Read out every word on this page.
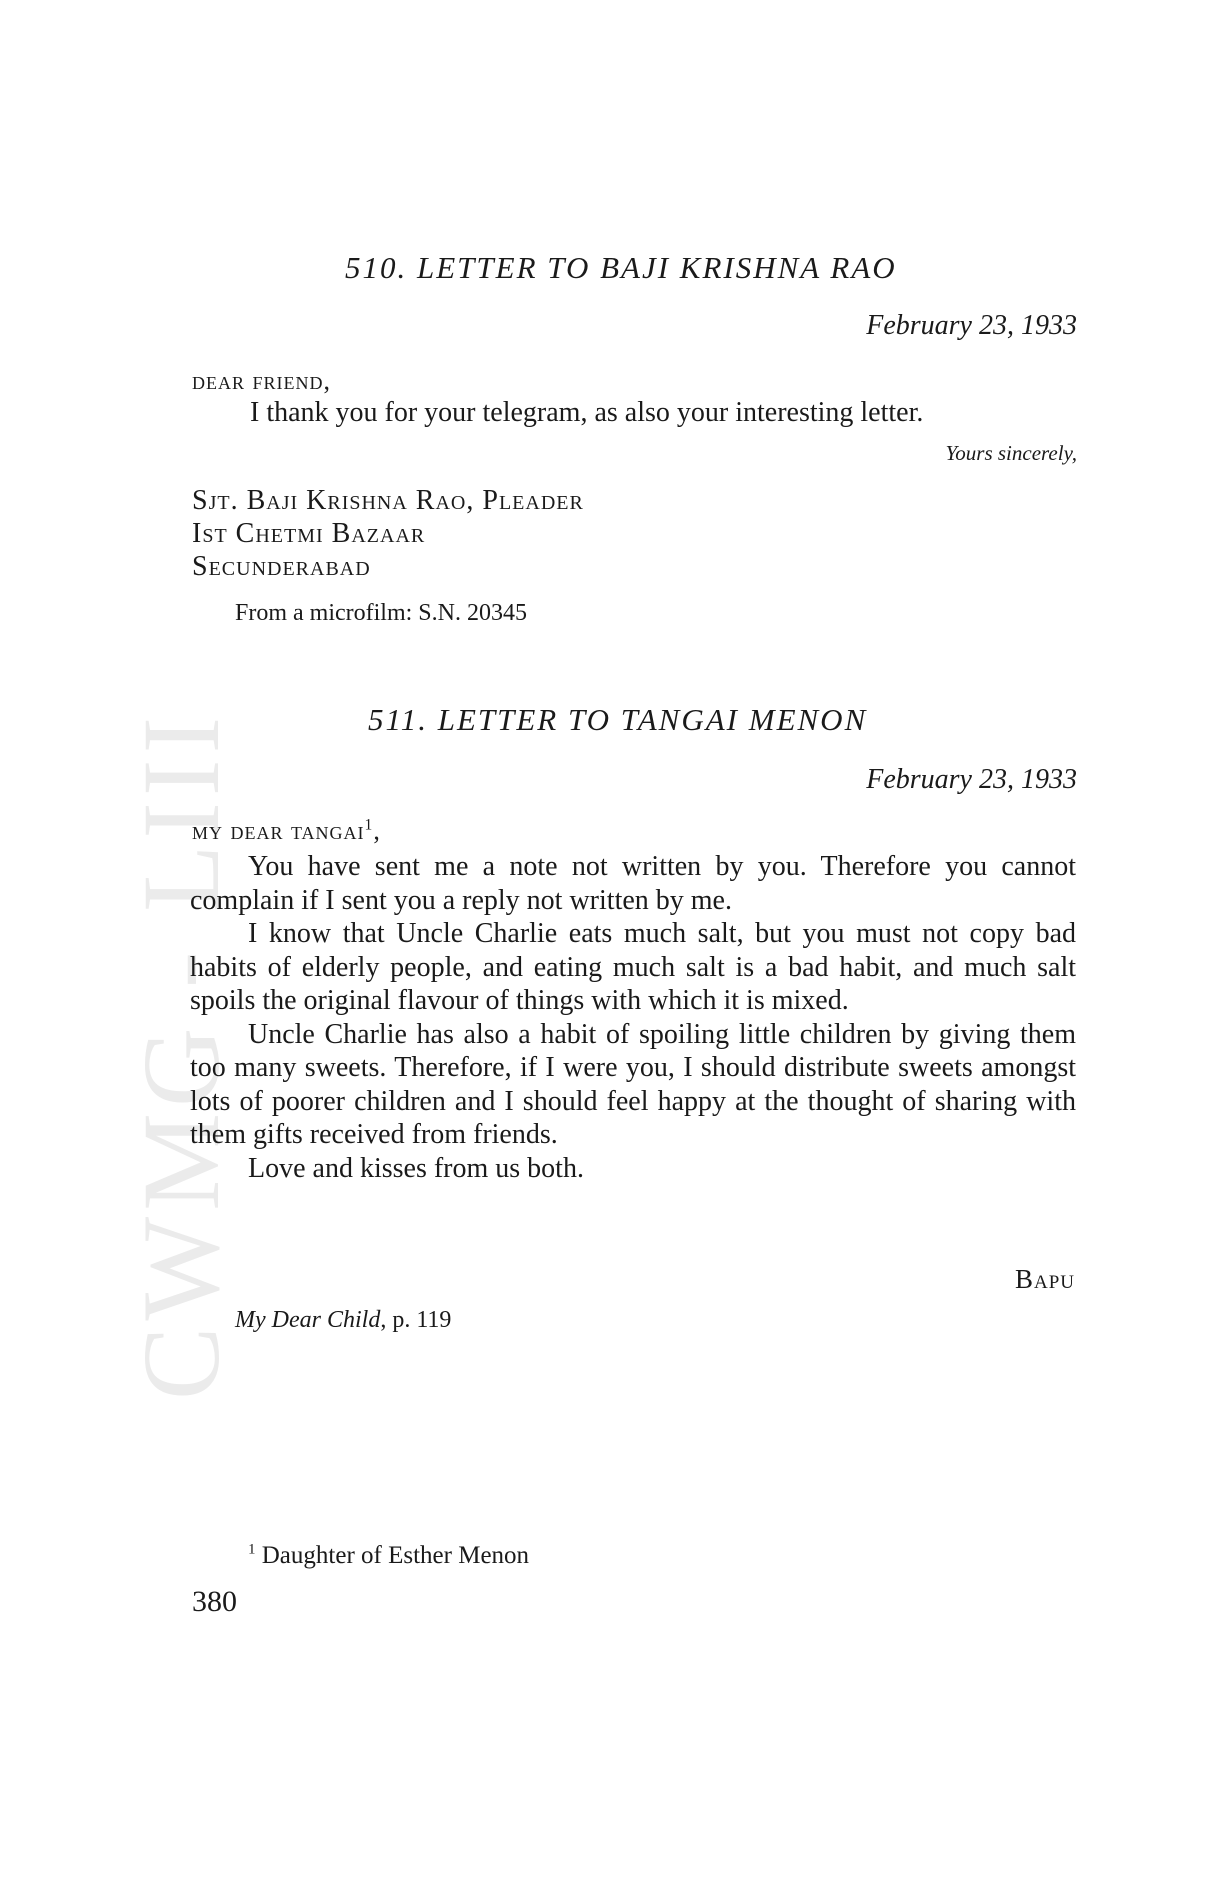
CWMG - LIII
510. LETTER TO BAJI KRISHNA RAO
February 23, 1933
dear friend,
I thank you for your telegram, as also your interesting letter.
Yours sincerely,
Sjt. Baji Krishna Rao, Pleader
Ist Chetmi Bazaar
Secunderabad
From a microfilm: S.N. 20345
511. LETTER TO TANGAI MENON
February 23, 1933
my dear tangai$^1$,

You have sent me a note not written by you. Therefore you cannot complain if I sent you a reply not written by me.

I know that Uncle Charlie eats much salt, but you must not copy bad habits of elderly people, and eating much salt is a bad habit, and much salt spoils the original flavour of things with which it is mixed.

Uncle Charlie has also a habit of spoiling little children by giving them too many sweets. Therefore, if I were you, I should distribute sweets amongst lots of poorer children and I should feel happy at the thought of sharing with them gifts received from friends.

Love and kisses from us both.

Bapu
My Dear Child, p. 119
$^1$ Daughter of Esther Menon
380
